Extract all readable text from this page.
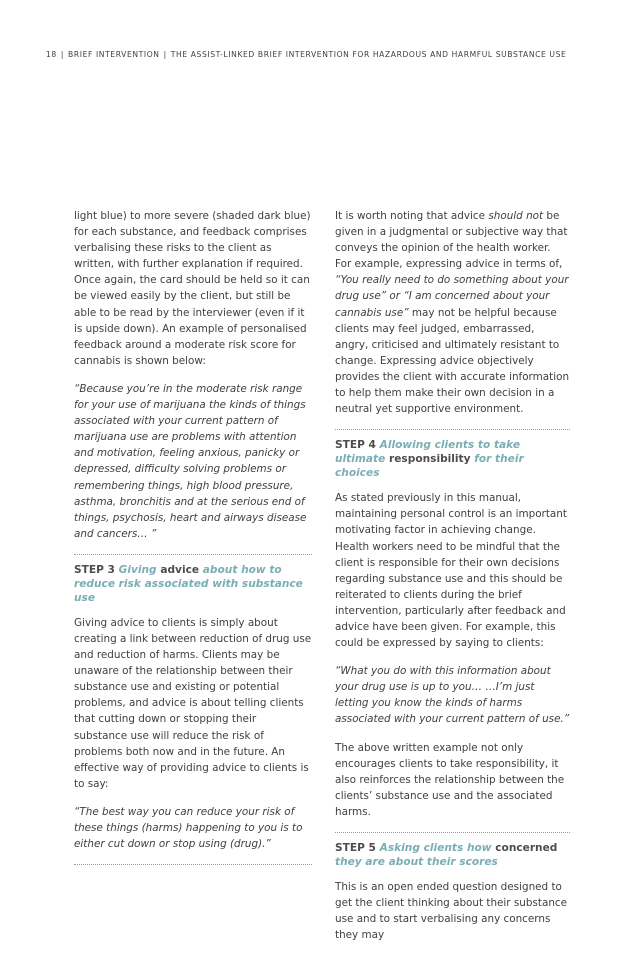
18 | BRIEF INTERVENTION | THE ASSIST-LINKED BRIEF INTERVENTION FOR HAZARDOUS AND HARMFUL SUBSTANCE USE

light blue) to more severe (shaded dark blue) for each substance, and feedback comprises verbalising these risks to the client as written, with further explanation if required. Once again, the card should be held so it can be viewed easily by the client, but still be able to be read by the interviewer (even if it is upside down). An example of personalised feedback around a moderate risk score for cannabis is shown below:

“Because you’re in the moderate risk range for your use of marijuana the kinds of things associated with your current pattern of marijuana use are problems with attention and motivation, feeling anxious, panicky or depressed, difficulty solving problems or remembering things, high blood pressure, asthma, bronchitis and at the serious end of things, psychosis, heart and airways disease and cancers… ”

STEP 3 Giving advice about how to reduce risk associated with substance use

Giving advice to clients is simply about creating a link between reduction of drug use and reduction of harms. Clients may be unaware of the relationship between their substance use and existing or potential problems, and advice is about telling clients that cutting down or stopping their substance use will reduce the risk of problems both now and in the future. An effective way of providing advice to clients is to say:

“The best way you can reduce your risk of these things (harms) happening to you is to either cut down or stop using (drug).”

It is worth noting that advice should not be given in a judgmental or subjective way that conveys the opinion of the health worker. For example, expressing advice in terms of, “You really need to do something about your drug use” or “I am concerned about your cannabis use” may not be helpful because clients may feel judged, embarrassed, angry, criticised and ultimately resistant to change. Expressing advice objectively provides the client with accurate information to help them make their own decision in a neutral yet supportive environment.

STEP 4 Allowing clients to take ultimate responsibility for their choices

As stated previously in this manual, maintaining personal control is an important motivating factor in achieving change. Health workers need to be mindful that the client is responsible for their own decisions regarding substance use and this should be reiterated to clients during the brief intervention, particularly after feedback and advice have been given. For example, this could be expressed by saying to clients:

“What you do with this information about your drug use is up to you… …I’m just letting you know the kinds of harms associated with your current pattern of use.”

The above written example not only encourages clients to take responsibility, it also reinforces the relationship between the clients’ substance use and the associated harms.

STEP 5 Asking clients how concerned they are about their scores

This is an open ended question designed to get the client thinking about their substance use and to start verbalising any concerns they may
